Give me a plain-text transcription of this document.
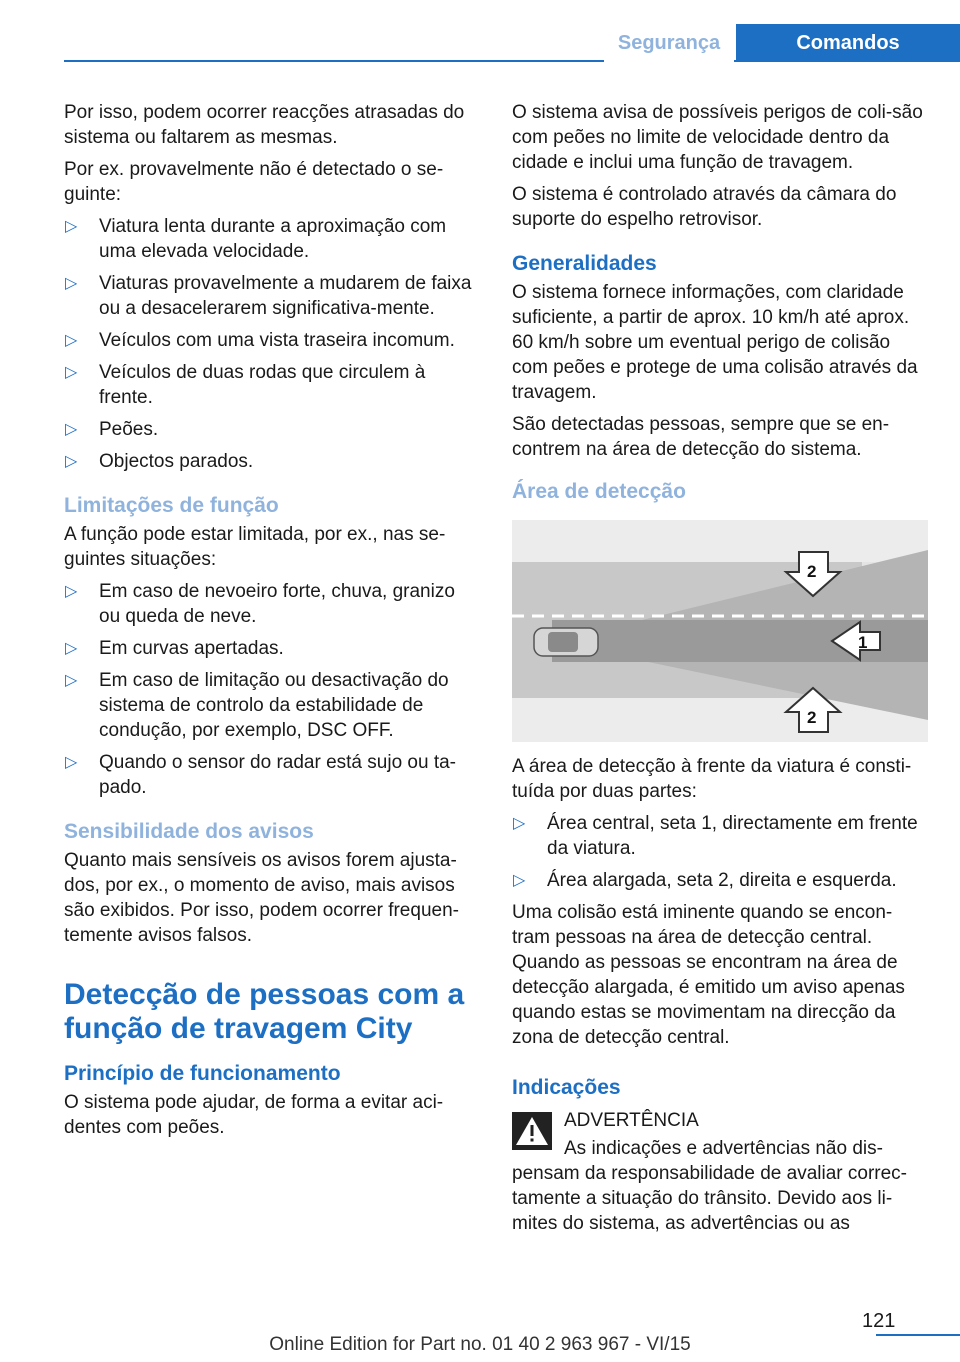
Segurança	Comandos

Por isso, podem ocorrer reacções atrasadas do sistema ou faltarem as mesmas.

Por ex. provavelmente não é detectado o se-guinte:

▷ Viatura lenta durante a aproximação com uma elevada velocidade.
▷ Viaturas provavelmente a mudarem de faixa ou a desacelerarem significativa-mente.
▷ Veículos com uma vista traseira incomum.
▷ Veículos de duas rodas que circulem à frente.
▷ Peões.
▷ Objectos parados.
Limitações de função

A função pode estar limitada, por ex., nas se-guintes situações:

▷ Em caso de nevoeiro forte, chuva, granizo ou queda de neve.
▷ Em curvas apertadas.
▷ Em caso de limitação ou desactivação do sistema de controlo da estabilidade de condução, por exemplo, DSC OFF.
▷ Quando o sensor do radar está sujo ou ta-pado.
Sensibilidade dos avisos

Quanto mais sensíveis os avisos forem ajusta-dos, por ex., o momento de aviso, mais avisos são exibidos. Por isso, podem ocorrer frequen-temente avisos falsos.

Detecção de pessoas com a função de travagem City
Princípio de funcionamento

O sistema pode ajudar, de forma a evitar aci-dentes com peões.

O sistema avisa de possíveis perigos de coli-são com peões no limite de velocidade dentro da cidade e inclui uma função de travagem.

O sistema é controlado através da câmara do suporte do espelho retrovisor.

Generalidades

O sistema fornece informações, com claridade suficiente, a partir de aprox. 10 km/h até aprox. 60 km/h sobre um eventual perigo de colisão com peões e protege de uma colisão através da travagem.

São detectadas pessoas, sempre que se en-contrem na área de detecção do sistema.

Área de detecção
1
2
2

A área de detecção à frente da viatura é consti-tuída por duas partes:

▷ Área central, seta 1, directamente em frente da viatura.
▷ Área alargada, seta 2, direita e esquerda.

Uma colisão está iminente quando se encon-tram pessoas na área de detecção central. Quando as pessoas se encontram na área de detecção alargada, é emitido um aviso apenas quando estas se movimentam na direcção da zona de detecção central.

Indicações
ADVERTÊNCIA

As indicações e advertências não dis-pensam da responsabilidade de avaliar correc-tamente a situação do trânsito. Devido aos li-mites do sistema, as advertências ou as

121
Online Edition for Part no. 01 40 2 963 967 - VI/15
